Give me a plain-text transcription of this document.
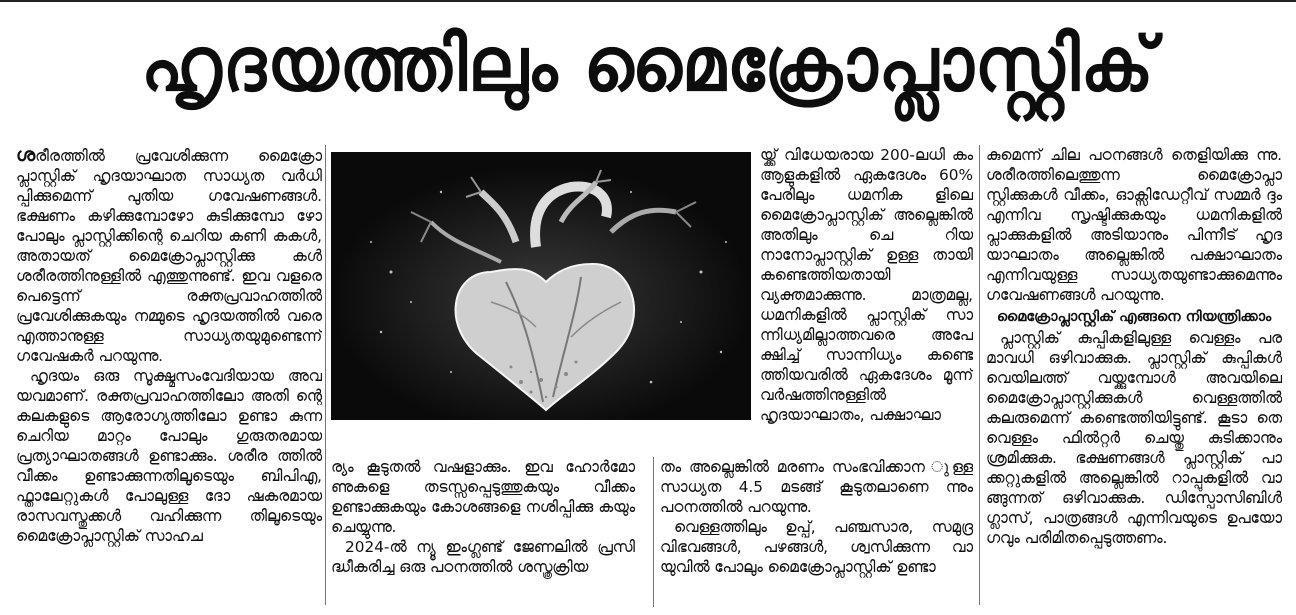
ഹൃദയത്തിലും മൈക്രോപ്ലാസ്റ്റിക്

ശരീരത്തിൽ പ്രവേശിക്കുന്ന മൈക്രോ പ്ലാസ്റ്റിക് ഹൃദയാഘാത സാധ്യത വർധി പ്പിക്കുമെന്ന് പുതിയ ഗവേഷണങ്ങൾ. ഭക്ഷണം കഴിക്കുമ്പോഴോ കുടിക്കുമ്പോ ഴോ പോലും പ്ലാസ്റ്റിക്കിന്റെ ചെറിയ കണി കകൾ, അതായത് മൈക്രോപ്ലാസ്റ്റിക്കു കൾ ശരീരത്തിനുള്ളിൽ എത്തുന്നുണ്ട്. ഇവ വളരെ പെട്ടെന്ന് രക്തപ്രവാഹത്തിൽ പ്രവേശിക്കുകയും നമ്മുടെ ഹൃദയത്തിൽ വരെ എത്താനുള്ള സാധ്യതയുമുണ്ടെന്ന് ഗവേഷകർ പറയുന്നു.

ഹൃദയം ഒരു സൂക്ഷ്മസംവേദിയായ അവ യവമാണ്. രക്തപ്രവാഹത്തിലോ അതി ന്റെ കലകളുടെ ആരോഗ്യത്തിലോ ഉണ്ടാ കുന്ന ചെറിയ മാറ്റം പോലും ഗുരുതരമായ പ്രത്യാഘാതങ്ങൾ ഉണ്ടാക്കും. ശരീര ത്തിൽ വീക്കം ഉണ്ടാക്കുന്നതിലൂടെയും ബിപിഎ, ഫ്താലേറ്റുകൾ പോലുള്ള ദോ ഷകരമായ രാസവസ്തുക്കൾ വഹിക്കുന്ന തിലൂടെയും മൈക്രോപ്ലാസ്റ്റിക് സാഹച

ര്യം കൂടുതൽ വഷളാക്കും. ഇവ ഹോർമോ ണുകളെ തടസ്സപ്പെടുത്തുകയും വീക്കം ഉണ്ടാക്കുകയും കോശങ്ങളെ നശിപ്പിക്കു കയും ചെയ്യുന്നു.

2024-ൽ ന്യൂ ഇംഗ്ലണ്ട് ജേണലിൽ പ്രസി ദ്ധീകരിച്ച ഒരു പഠനത്തിൽ ശസ്ത്രക്രിയ

യ്ക്ക് വിധേയരായ 200-ലധി കം ആളുകളിൽ ഏകദേശം 60% പേരിലും ധമനിക ളിലെ മൈക്രോപ്ലാസ്റ്റിക് അല്ലെങ്കിൽ അതിലും ചെ റിയ നാനോപ്ലാസ്റ്റിക് ഉള്ള തായി കണ്ടെത്തിയതായി വ്യക്തമാക്കുന്നു. മാത്രമല്ല, ധമനികളിൽ പ്ലാസ്റ്റിക് സാ ന്നിധ്യമില്ലാത്തവരെ അപേ ക്ഷിച്ച് സാന്നിധ്യം കണ്ടെ ത്തിയവരിൽ ഏകദേശം മൂന്ന് വർഷത്തിനുള്ളിൽ ഹൃദയാഘാതം, പക്ഷാഘാ

തം അല്ലെങ്കിൽ മരണം സംഭവിക്കാന ുള്ള സാധ്യത 4.5 മടങ്ങ് കൂടുതലാണെ ന്നും പഠനത്തിൽ പറയുന്നു.

വെള്ളത്തിലും ഉപ്പ്, പഞ്ചസാര, സമുദ്ര വിഭവങ്ങൾ, പഴങ്ങൾ, ശ്വസിക്കുന്ന വാ യുവിൽ പോലും മൈക്രോപ്ലാസ്റ്റിക് ഉണ്ടാ

കുമെന്ന് ചില പഠനങ്ങൾ തെളിയിക്കു ന്നു. ശരീരത്തിലെത്തുന്ന മൈക്രോപ്ലാ സ്റ്റിക്കുകൾ വീക്കം, ഓക്സിഡേറ്റീവ് സമ്മർ ദ്ദം എന്നിവ സൃഷ്ടിക്കുകയും ധമനികളിൽ പ്ലാക്കുകളിൽ അടിയാനും പിന്നീട് ഹൃദ യാഘാതം അല്ലെങ്കിൽ പക്ഷാഘാതം എന്നിവയുള്ള സാധ്യതയുണ്ടാക്കുമെന്നും ഗവേഷണങ്ങൾ പറയുന്നു.

മൈക്രോപ്ലാസ്റ്റിക് എങ്ങനെ നിയന്ത്രിക്കാം

പ്ലാസ്റ്റിക് കുപ്പികളിലുള്ള വെള്ളം പര മാവധി ഒഴിവാക്കുക. പ്ലാസ്റ്റിക് കുപ്പികൾ വെയിലത്ത് വയ്ക്കുമ്പോൾ അവയിലെ മൈക്രോപ്ലാസ്റ്റിക്കുകൾ വെള്ളത്തിൽ കലരുമെന്ന് കണ്ടെത്തിയിട്ടുണ്ട്. കൂടാ തെ വെള്ളം ഫിൽറ്റർ ചെയ്തു കുടിക്കാനും ശ്രമിക്കുക. ഭക്ഷണങ്ങൾ പ്ലാസ്റ്റിക് പാ ക്കറ്റുകളിൽ അല്ലെങ്കിൽ റാപ്പുകളിൽ വാ ങ്ങുന്നത് ഒഴിവാക്കുക. ഡിസ്പോസിബിൾ ഗ്ലാസ്, പാത്രങ്ങൾ എന്നിവയുടെ ഉപയോ ഗവും പരിമിതപ്പെടുത്തണം.
